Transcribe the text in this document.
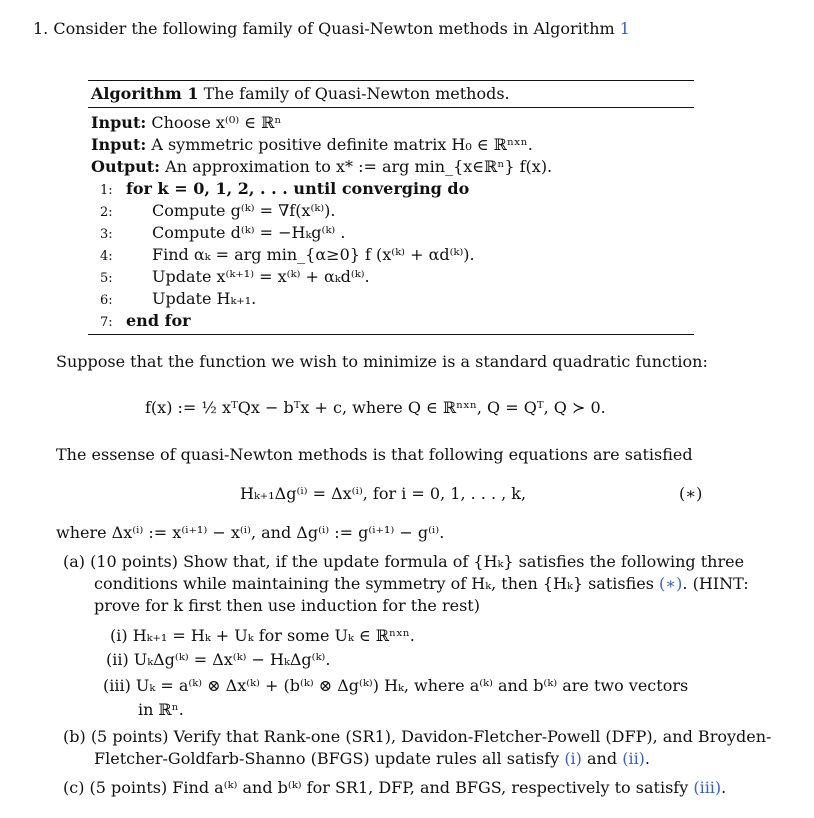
1. Consider the following family of Quasi-Newton methods in Algorithm 1
Algorithm 1 The family of Quasi-Newton methods.
Input: Choose x⁽⁰⁾ ∈ ℝⁿ
Input: A symmetric positive definite matrix H₀ ∈ ℝⁿˣⁿ.
Output: An approximation to x* := arg min_{x∈ℝⁿ} f(x).
1: for k = 0, 1, 2, . . . until converging do
2: Compute g⁽ᵏ⁾ = ∇f(x⁽ᵏ⁾).
3: Compute d⁽ᵏ⁾ = −Hₖg⁽ᵏ⁾ .
4: Find αₖ = arg min_{α≥0} f (x⁽ᵏ⁾ + αd⁽ᵏ⁾).
5: Update x⁽ᵏ⁺¹⁾ = x⁽ᵏ⁾ + αₖd⁽ᵏ⁾.
6: Update Hₖ₊₁.
7: end for
Suppose that the function we wish to minimize is a standard quadratic function:
f(x) := ½ xᵀQx − bᵀx + c, where Q ∈ ℝⁿˣⁿ, Q = Qᵀ, Q ≻ 0.
The essense of quasi-Newton methods is that following equations are satisfied
Hₖ₊₁Δg⁽ⁱ⁾ = Δx⁽ⁱ⁾, for i = 0, 1, . . . , k,	(∗)
where Δx⁽ⁱ⁾ := x⁽ⁱ⁺¹⁾ − x⁽ⁱ⁾, and Δg⁽ⁱ⁾ := g⁽ⁱ⁺¹⁾ − g⁽ⁱ⁾.
(a) (10 points) Show that, if the update formula of {Hₖ} satisfies the following three
conditions while maintaining the symmetry of Hₖ, then {Hₖ} satisfies (∗). (HINT:
prove for k first then use induction for the rest)
(i) Hₖ₊₁ = Hₖ + Uₖ for some Uₖ ∈ ℝⁿˣⁿ.
(ii) UₖΔg⁽ᵏ⁾ = Δx⁽ᵏ⁾ − HₖΔg⁽ᵏ⁾.
(iii) Uₖ = a⁽ᵏ⁾ ⊗ Δx⁽ᵏ⁾ + (b⁽ᵏ⁾ ⊗ Δg⁽ᵏ⁾) Hₖ, where a⁽ᵏ⁾ and b⁽ᵏ⁾ are two vectors
in ℝⁿ.
(b) (5 points) Verify that Rank-one (SR1), Davidon-Fletcher-Powell (DFP), and Broyden-
Fletcher-Goldfarb-Shanno (BFGS) update rules all satisfy (i) and (ii).
(c) (5 points) Find a⁽ᵏ⁾ and b⁽ᵏ⁾ for SR1, DFP, and BFGS, respectively to satisfy (iii).
